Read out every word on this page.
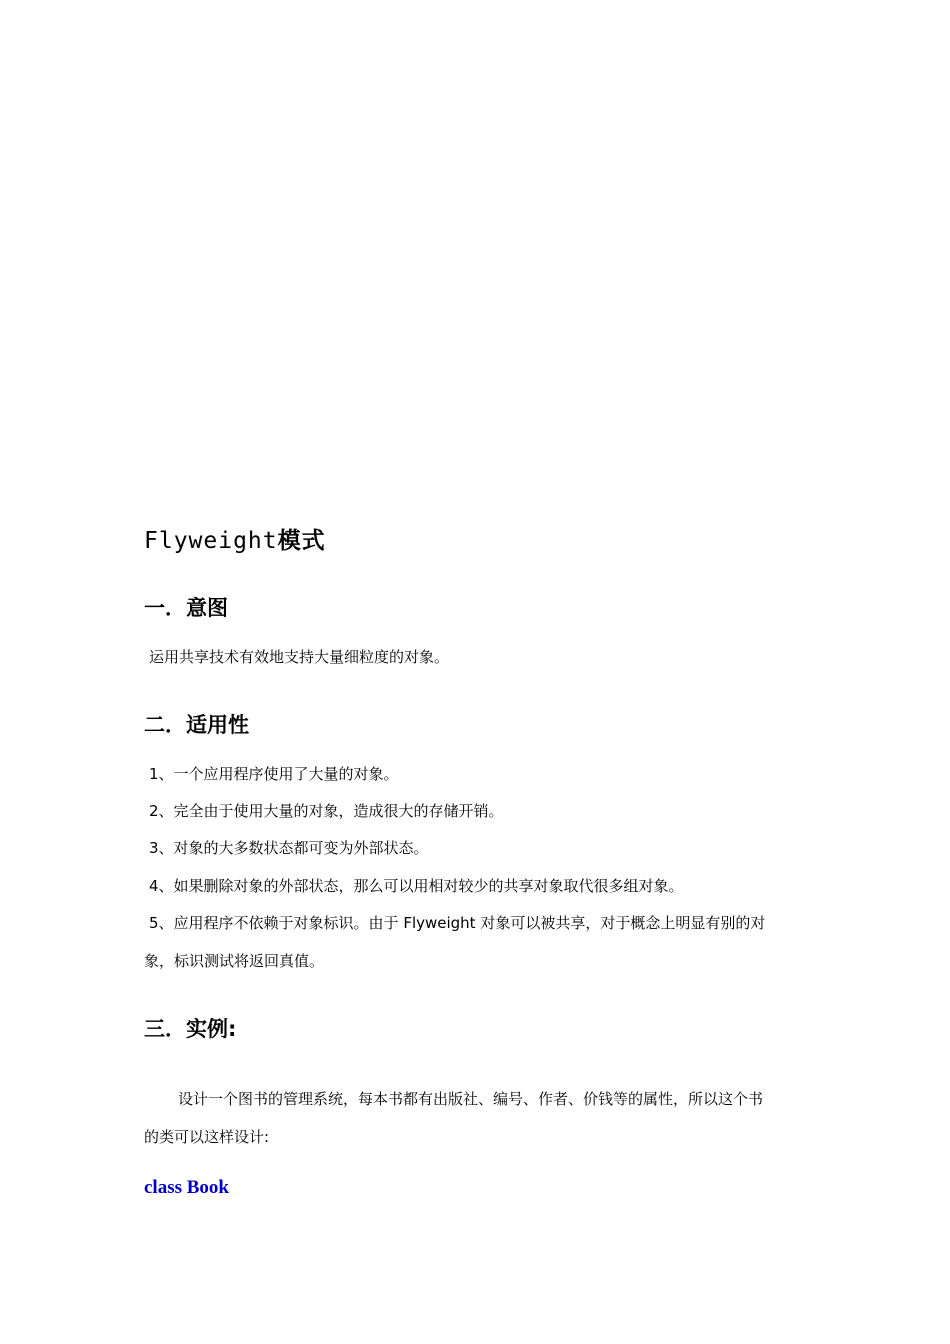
Flyweight模式
一．意图
运用共享技术有效地支持大量细粒度的对象。
二．适用性
1、一个应用程序使用了大量的对象。
2、完全由于使用大量的对象，造成很大的存储开销。
3、对象的大多数状态都可变为外部状态。
4、如果删除对象的外部状态，那么可以用相对较少的共享对象取代很多组对象。
5、应用程序不依赖于对象标识。由于 Flyweight 对象可以被共享，对于概念上明显有别的对
象，标识测试将返回真值。
三．实例:
设计一个图书的管理系统，每本书都有出版社、编号、作者、价钱等的属性，所以这个书
的类可以这样设计:
class Book
